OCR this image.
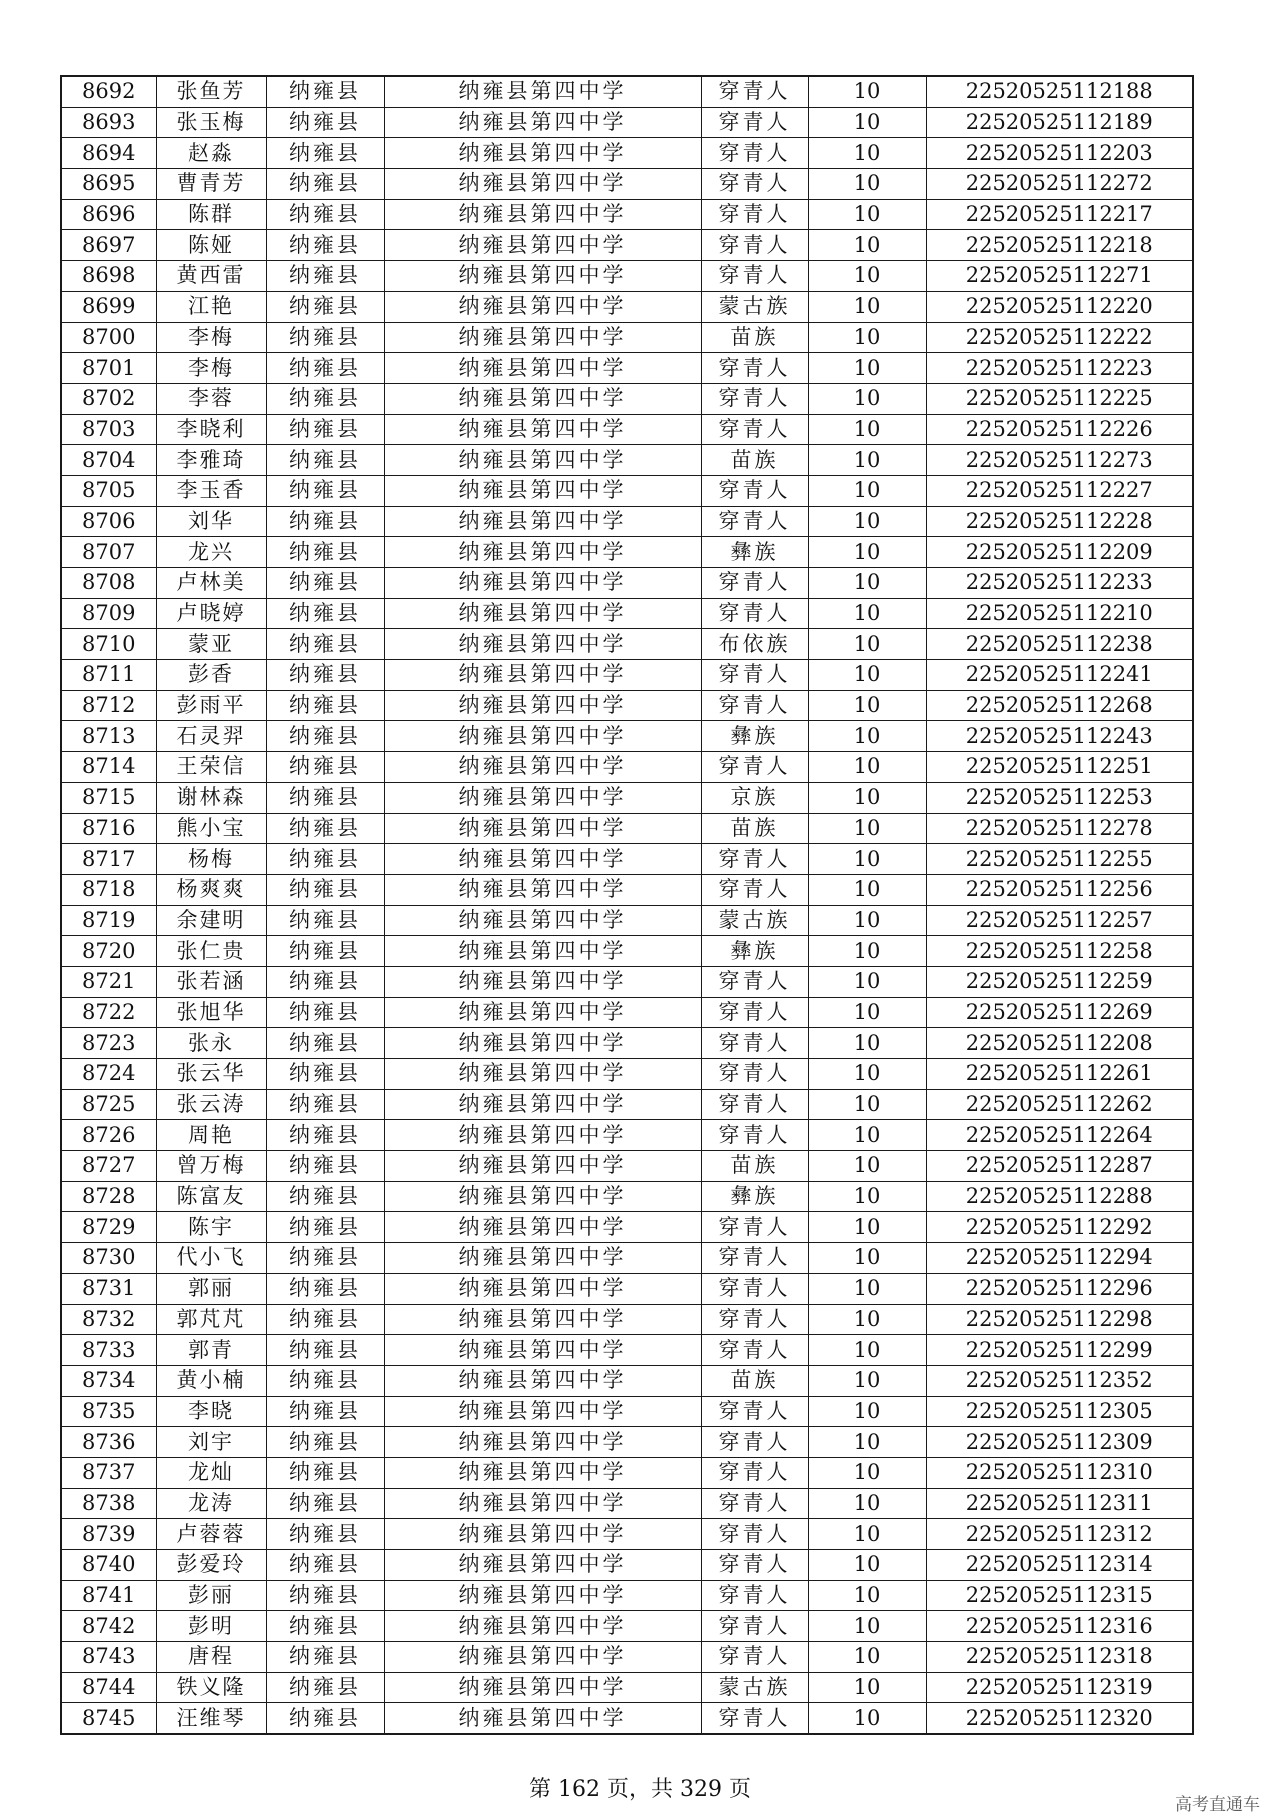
8692	张鱼芳	纳雍县	纳雍县第四中学	穿青人	10	22520525112188
8693	张玉梅	纳雍县	纳雍县第四中学	穿青人	10	22520525112189
8694	赵淼	纳雍县	纳雍县第四中学	穿青人	10	22520525112203
8695	曹青芳	纳雍县	纳雍县第四中学	穿青人	10	22520525112272
8696	陈群	纳雍县	纳雍县第四中学	穿青人	10	22520525112217
8697	陈娅	纳雍县	纳雍县第四中学	穿青人	10	22520525112218
8698	黄西雷	纳雍县	纳雍县第四中学	穿青人	10	22520525112271
8699	江艳	纳雍县	纳雍县第四中学	蒙古族	10	22520525112220
8700	李梅	纳雍县	纳雍县第四中学	苗族	10	22520525112222
8701	李梅	纳雍县	纳雍县第四中学	穿青人	10	22520525112223
8702	李蓉	纳雍县	纳雍县第四中学	穿青人	10	22520525112225
8703	李晓利	纳雍县	纳雍县第四中学	穿青人	10	22520525112226
8704	李雅琦	纳雍县	纳雍县第四中学	苗族	10	22520525112273
8705	李玉香	纳雍县	纳雍县第四中学	穿青人	10	22520525112227
8706	刘华	纳雍县	纳雍县第四中学	穿青人	10	22520525112228
8707	龙兴	纳雍县	纳雍县第四中学	彝族	10	22520525112209
8708	卢林美	纳雍县	纳雍县第四中学	穿青人	10	22520525112233
8709	卢晓婷	纳雍县	纳雍县第四中学	穿青人	10	22520525112210
8710	蒙亚	纳雍县	纳雍县第四中学	布依族	10	22520525112238
8711	彭香	纳雍县	纳雍县第四中学	穿青人	10	22520525112241
8712	彭雨平	纳雍县	纳雍县第四中学	穿青人	10	22520525112268
8713	石灵羿	纳雍县	纳雍县第四中学	彝族	10	22520525112243
8714	王荣信	纳雍县	纳雍县第四中学	穿青人	10	22520525112251
8715	谢林森	纳雍县	纳雍县第四中学	京族	10	22520525112253
8716	熊小宝	纳雍县	纳雍县第四中学	苗族	10	22520525112278
8717	杨梅	纳雍县	纳雍县第四中学	穿青人	10	22520525112255
8718	杨爽爽	纳雍县	纳雍县第四中学	穿青人	10	22520525112256
8719	余建明	纳雍县	纳雍县第四中学	蒙古族	10	22520525112257
8720	张仁贵	纳雍县	纳雍县第四中学	彝族	10	22520525112258
8721	张若涵	纳雍县	纳雍县第四中学	穿青人	10	22520525112259
8722	张旭华	纳雍县	纳雍县第四中学	穿青人	10	22520525112269
8723	张永	纳雍县	纳雍县第四中学	穿青人	10	22520525112208
8724	张云华	纳雍县	纳雍县第四中学	穿青人	10	22520525112261
8725	张云涛	纳雍县	纳雍县第四中学	穿青人	10	22520525112262
8726	周艳	纳雍县	纳雍县第四中学	穿青人	10	22520525112264
8727	曾万梅	纳雍县	纳雍县第四中学	苗族	10	22520525112287
8728	陈富友	纳雍县	纳雍县第四中学	彝族	10	22520525112288
8729	陈宇	纳雍县	纳雍县第四中学	穿青人	10	22520525112292
8730	代小飞	纳雍县	纳雍县第四中学	穿青人	10	22520525112294
8731	郭丽	纳雍县	纳雍县第四中学	穿青人	10	22520525112296
8732	郭芃芃	纳雍县	纳雍县第四中学	穿青人	10	22520525112298
8733	郭青	纳雍县	纳雍县第四中学	穿青人	10	22520525112299
8734	黄小楠	纳雍县	纳雍县第四中学	苗族	10	22520525112352
8735	李晓	纳雍县	纳雍县第四中学	穿青人	10	22520525112305
8736	刘宇	纳雍县	纳雍县第四中学	穿青人	10	22520525112309
8737	龙灿	纳雍县	纳雍县第四中学	穿青人	10	22520525112310
8738	龙涛	纳雍县	纳雍县第四中学	穿青人	10	22520525112311
8739	卢蓉蓉	纳雍县	纳雍县第四中学	穿青人	10	22520525112312
8740	彭爱玲	纳雍县	纳雍县第四中学	穿青人	10	22520525112314
8741	彭丽	纳雍县	纳雍县第四中学	穿青人	10	22520525112315
8742	彭明	纳雍县	纳雍县第四中学	穿青人	10	22520525112316
8743	唐程	纳雍县	纳雍县第四中学	穿青人	10	22520525112318
8744	铁义隆	纳雍县	纳雍县第四中学	蒙古族	10	22520525112319
8745	汪维琴	纳雍县	纳雍县第四中学	穿青人	10	22520525112320
第 162 页，共 329 页
高考直通车
